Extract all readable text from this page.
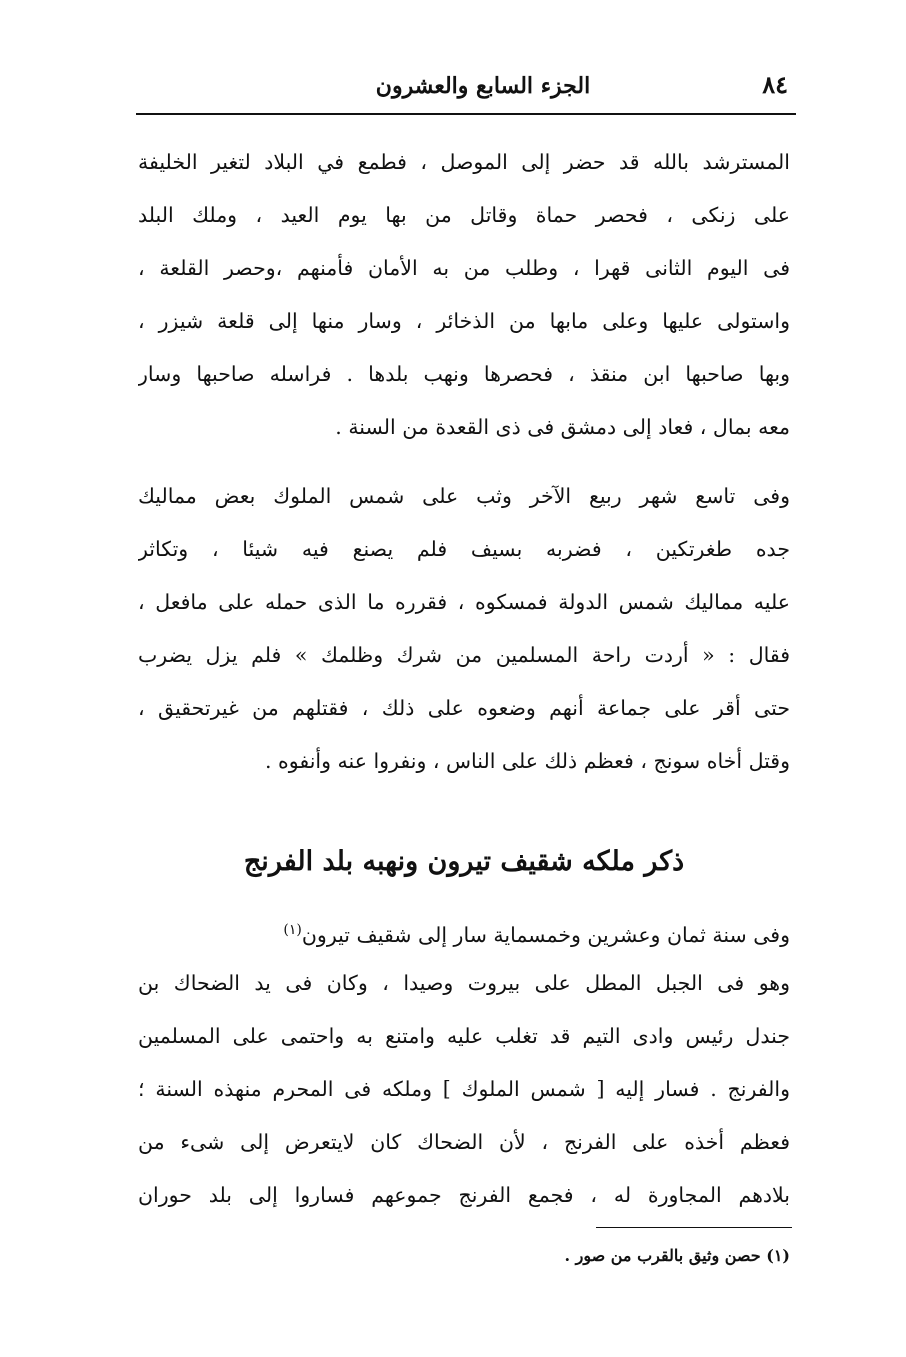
٨٤
الجزء السابع والعشرون
المسترشد بالله قد حضر إلى الموصل ، فطمع في البلاد لتغير الخليفة
على زنكى ، فحصر حماة وقاتل من بها يوم العيد ، وملك البلد
فى اليوم الثانى قهرا ، وطلب من به الأمان فأمنهم ،وحصر القلعة ،
واستولى عليها وعلى مابها من الذخائر ، وسار منها إلى قلعة شيزر ،
وبها صاحبها ابن منقذ ، فحصرها ونهب بلدها . فراسله صاحبها وسار
معه بمال ، فعاد إلى دمشق فى ذى القعدة من السنة .
وفى تاسع شهر ربيع الآخر وثب على شمس الملوك بعض مماليك
جده طغرتكين ، فضربه بسيف فلم يصنع فيه شيئا ، وتكاثر
عليه مماليك شمس الدولة فمسكوه ، فقرره ما الذى حمله على مافعل ،
فقال : « أردت راحة المسلمين من شرك وظلمك » فلم يزل يضرب
حتى أقر على جماعة أنهم وضعوه على ذلك ، فقتلهم من غيرتحقيق ،
وقتل أخاه سونج ، فعظم ذلك على الناس ، ونفروا عنه وأنفوه .
ذكر ملكه شقيف تيرون ونهبه بلد الفرنج
وفى سنة ثمان وعشرين وخمسماية سار إلى شقيف تيرون$^{(١)}$
وهو فى الجبل المطل على بيروت وصيدا ، وكان فى يد الضحاك بن
جندل رئيس وادى التيم قد تغلب عليه وامتنع به واحتمى على المسلمين
والفرنج . فسار إليه [ شمس الملوك ] وملكه فى المحرم منهذه السنة ؛
فعظم أخذه على الفرنج ، لأن الضحاك كان لايتعرض إلى شىء من
بلادهم المجاورة له ، فجمع الفرنج جموعهم فساروا إلى بلد حوران
(١) حصن وثيق بالقرب من صور .
